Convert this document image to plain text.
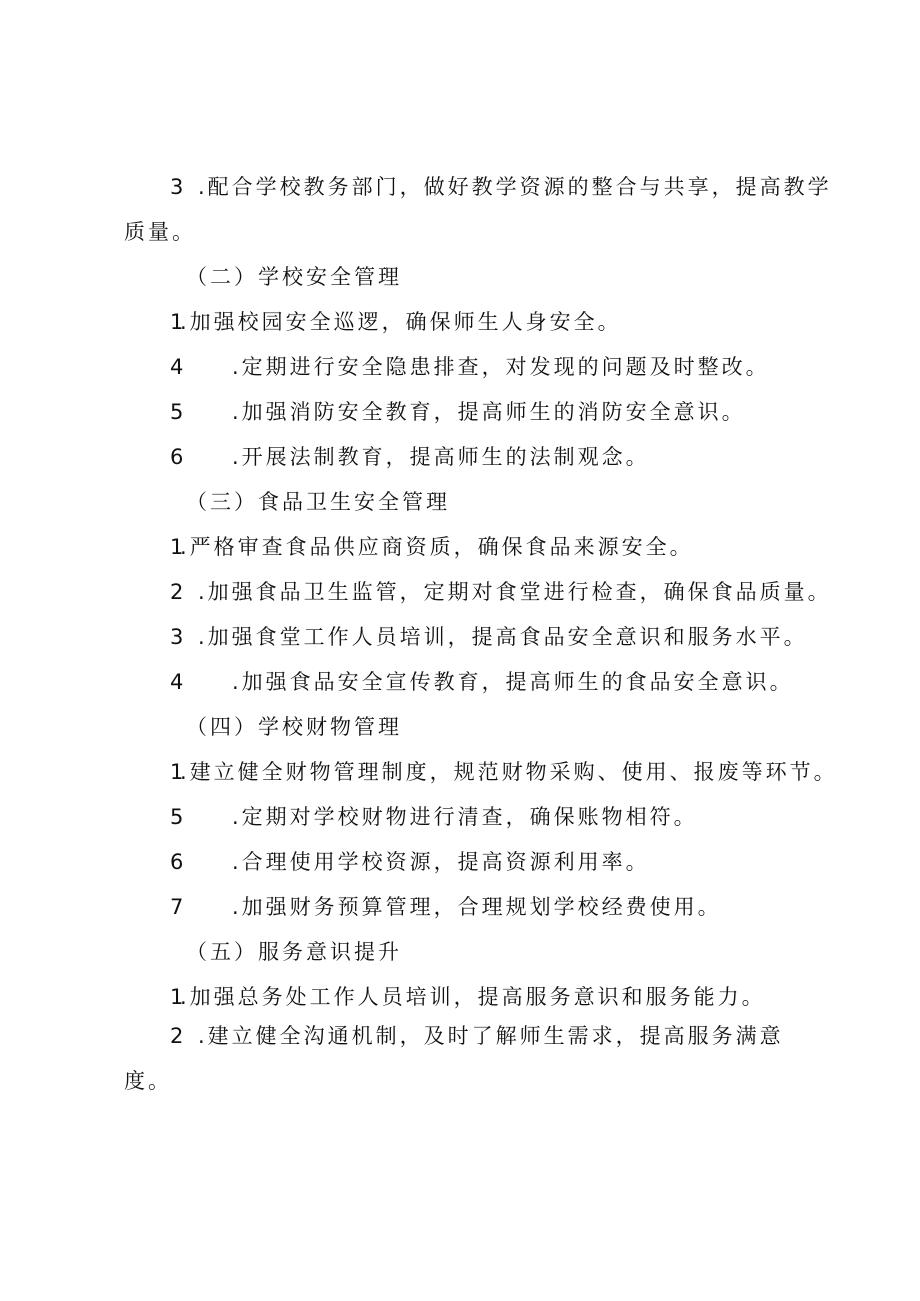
3 .配合学校教务部门，做好教学资源的整合与共享，提高教学
质量。
（二）学校安全管理
1.加强校园安全巡逻，确保师生人身安全。
4 .定期进行安全隐患排查，对发现的问题及时整改。
5 .加强消防安全教育，提高师生的消防安全意识。
6 .开展法制教育，提高师生的法制观念。
（三）食品卫生安全管理
1.严格审查食品供应商资质，确保食品来源安全。
2 .加强食品卫生监管，定期对食堂进行检查，确保食品质量。
3 .加强食堂工作人员培训，提高食品安全意识和服务水平。
4 .加强食品安全宣传教育，提高师生的食品安全意识。
（四）学校财物管理
1.建立健全财物管理制度，规范财物采购、使用、报废等环节。
5 .定期对学校财物进行清查，确保账物相符。
6 .合理使用学校资源，提高资源利用率。
7 .加强财务预算管理，合理规划学校经费使用。
（五）服务意识提升
1.加强总务处工作人员培训，提高服务意识和服务能力。
2 .建立健全沟通机制，及时了解师生需求，提高服务满意
度。
